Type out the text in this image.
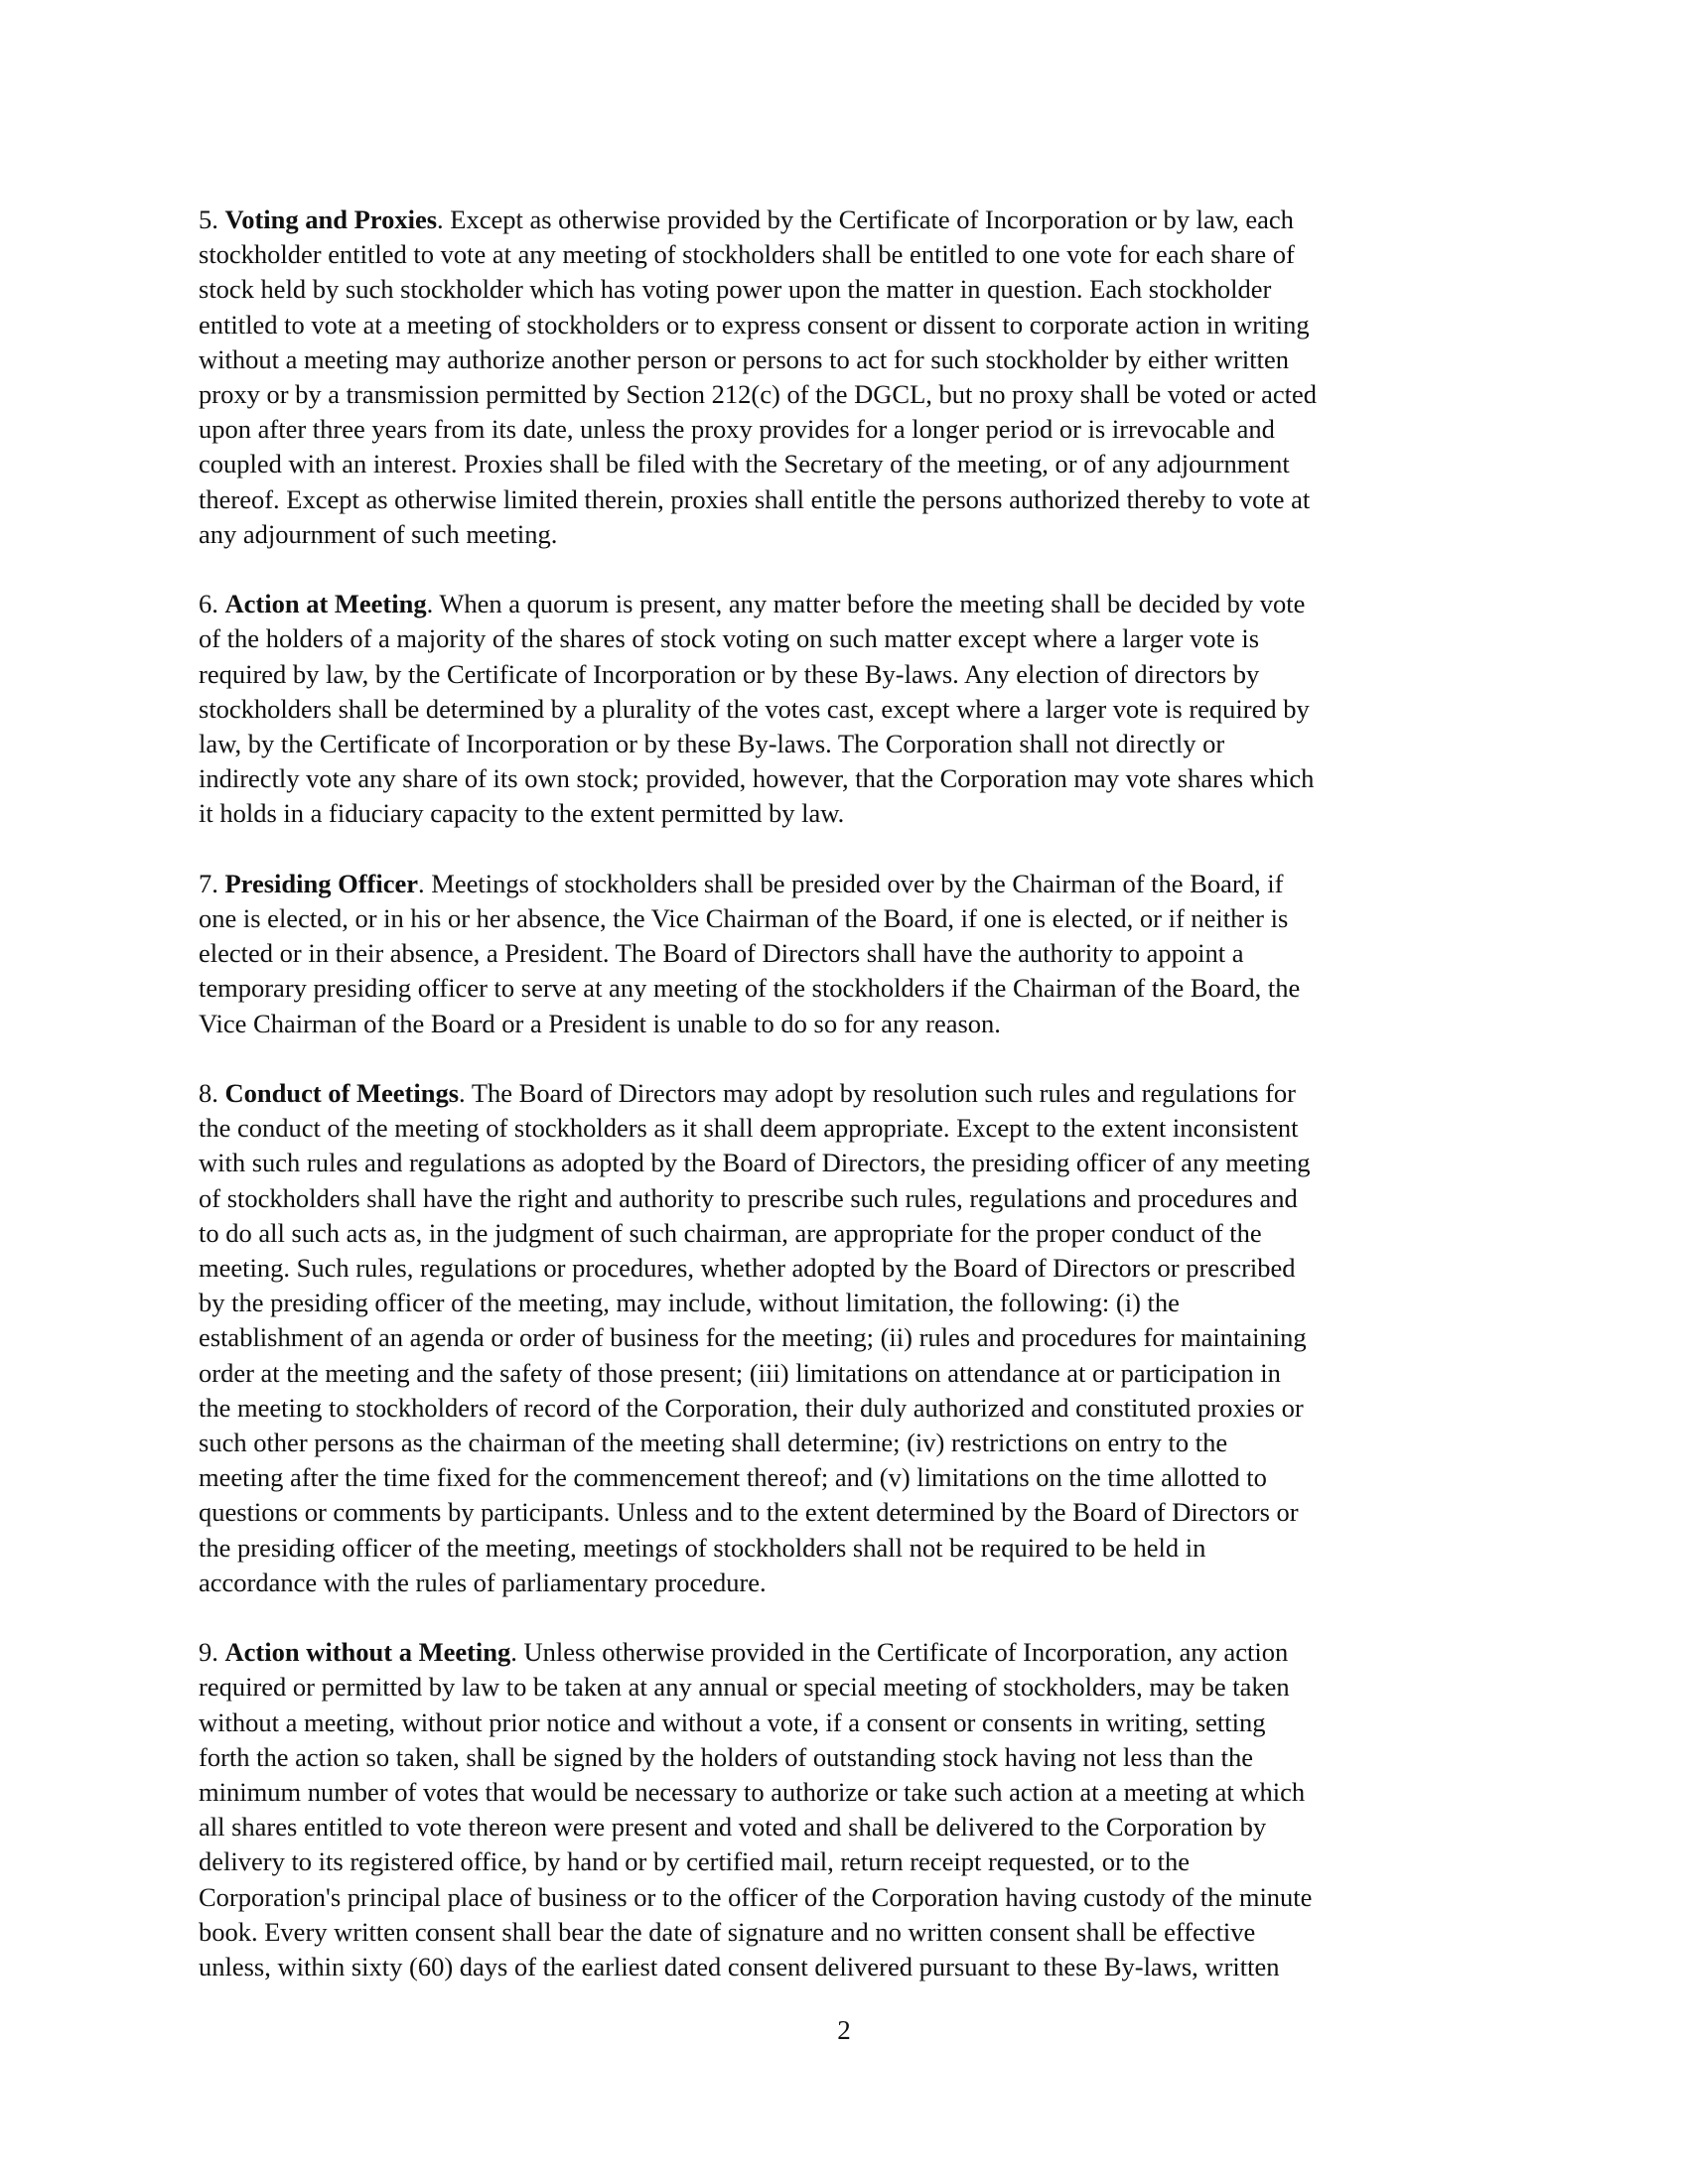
5. Voting and Proxies. Except as otherwise provided by the Certificate of Incorporation or by law, each
stockholder entitled to vote at any meeting of stockholders shall be entitled to one vote for each share of
stock held by such stockholder which has voting power upon the matter in question. Each stockholder
entitled to vote at a meeting of stockholders or to express consent or dissent to corporate action in writing
without a meeting may authorize another person or persons to act for such stockholder by either written
proxy or by a transmission permitted by Section 212(c) of the DGCL, but no proxy shall be voted or acted
upon after three years from its date, unless the proxy provides for a longer period or is irrevocable and
coupled with an interest. Proxies shall be filed with the Secretary of the meeting, or of any adjournment
thereof. Except as otherwise limited therein, proxies shall entitle the persons authorized thereby to vote at
any adjournment of such meeting.
6. Action at Meeting. When a quorum is present, any matter before the meeting shall be decided by vote
of the holders of a majority of the shares of stock voting on such matter except where a larger vote is
required by law, by the Certificate of Incorporation or by these By-laws. Any election of directors by
stockholders shall be determined by a plurality of the votes cast, except where a larger vote is required by
law, by the Certificate of Incorporation or by these By-laws. The Corporation shall not directly or
indirectly vote any share of its own stock; provided, however, that the Corporation may vote shares which
it holds in a fiduciary capacity to the extent permitted by law.
7. Presiding Officer. Meetings of stockholders shall be presided over by the Chairman of the Board, if
one is elected, or in his or her absence, the Vice Chairman of the Board, if one is elected, or if neither is
elected or in their absence, a President. The Board of Directors shall have the authority to appoint a
temporary presiding officer to serve at any meeting of the stockholders if the Chairman of the Board, the
Vice Chairman of the Board or a President is unable to do so for any reason.
8. Conduct of Meetings. The Board of Directors may adopt by resolution such rules and regulations for
the conduct of the meeting of stockholders as it shall deem appropriate. Except to the extent inconsistent
with such rules and regulations as adopted by the Board of Directors, the presiding officer of any meeting
of stockholders shall have the right and authority to prescribe such rules, regulations and procedures and
to do all such acts as, in the judgment of such chairman, are appropriate for the proper conduct of the
meeting. Such rules, regulations or procedures, whether adopted by the Board of Directors or prescribed
by the presiding officer of the meeting, may include, without limitation, the following: (i) the
establishment of an agenda or order of business for the meeting; (ii) rules and procedures for maintaining
order at the meeting and the safety of those present; (iii) limitations on attendance at or participation in
the meeting to stockholders of record of the Corporation, their duly authorized and constituted proxies or
such other persons as the chairman of the meeting shall determine; (iv) restrictions on entry to the
meeting after the time fixed for the commencement thereof; and (v) limitations on the time allotted to
questions or comments by participants. Unless and to the extent determined by the Board of Directors or
the presiding officer of the meeting, meetings of stockholders shall not be required to be held in
accordance with the rules of parliamentary procedure.
9. Action without a Meeting. Unless otherwise provided in the Certificate of Incorporation, any action
required or permitted by law to be taken at any annual or special meeting of stockholders, may be taken
without a meeting, without prior notice and without a vote, if a consent or consents in writing, setting
forth the action so taken, shall be signed by the holders of outstanding stock having not less than the
minimum number of votes that would be necessary to authorize or take such action at a meeting at which
all shares entitled to vote thereon were present and voted and shall be delivered to the Corporation by
delivery to its registered office, by hand or by certified mail, return receipt requested, or to the
Corporation's principal place of business or to the officer of the Corporation having custody of the minute
book. Every written consent shall bear the date of signature and no written consent shall be effective
unless, within sixty (60) days of the earliest dated consent delivered pursuant to these By-laws, written
2
